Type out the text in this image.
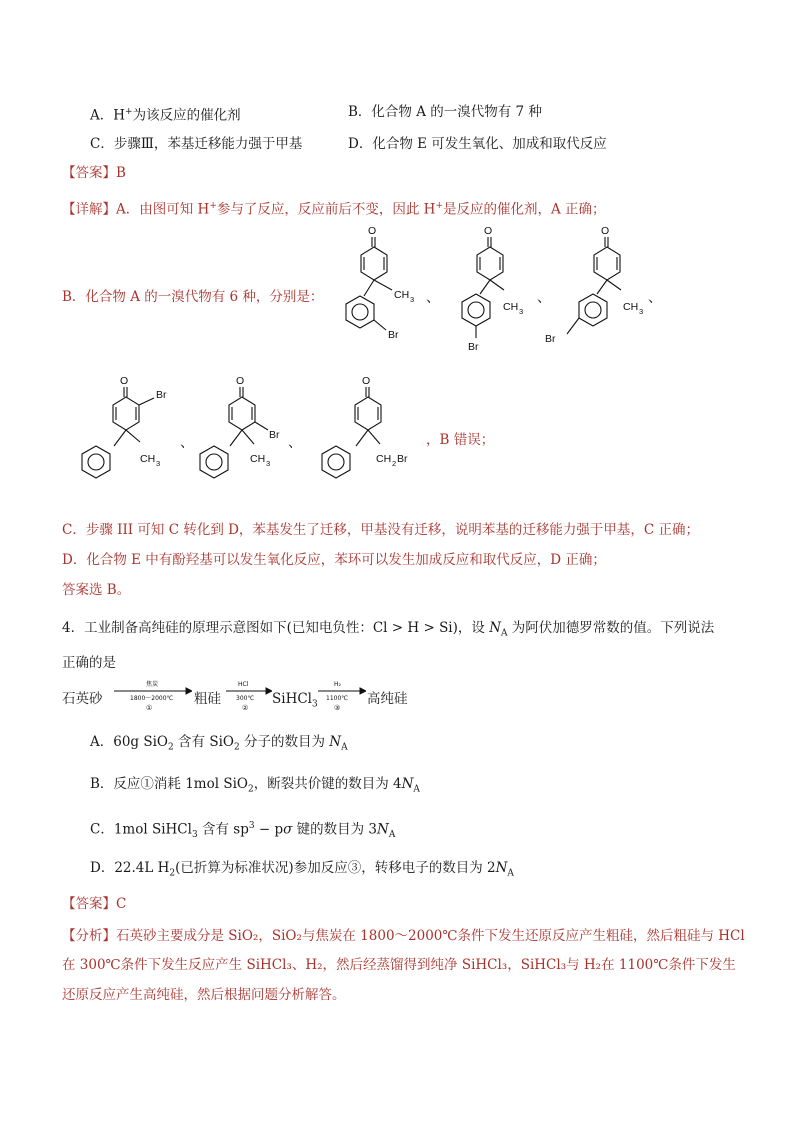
A．H+为该反应的催化剂	B．化合物 A 的一溴代物有 7 种
C．步骤Ⅲ，苯基迁移能力强于甲基	D．化合物 E 可发生氧化、加成和取代反应
【答案】B
【详解】A．由图可知 H+参与了反应，反应前后不变，因此 H+是反应的催化剂，A 正确；
B．化合物 A 的一溴代物有 6 种，分别是：
O
CH 3
Br
、
O
CH 3
Br
、
O
CH 3
Br
、
O
Br
CH 3
、
O
Br
CH 3
、
O
CH 2 Br
，B 错误；
C．步骤 III 可知 C 转化到 D，苯基发生了迁移，甲基没有迁移，说明苯基的迁移能力强于甲基，C 正确；
D．化合物 E 中有酚羟基可以发生氧化反应，苯环可以发生加成反应和取代反应，D 正确；
答案选 B。
4．工业制备高纯硅的原理示意图如下(已知电负性：Cl > H > Si)，设 $N_A$ 为阿伏加德罗常数的值。下列说法
正确的是
石英砂
焦炭
1800～2000℃
①
粗硅
HCl
300℃
②
SiHCl$_3$
H₂
1100℃
③
高纯硅
A．60g SiO$_2$ 含有 SiO$_2$ 分子的数目为 $N_A$
B．反应①消耗 1mol SiO$_2$，断裂共价键的数目为 $4N_A$
C．1mol SiHCl$_3$ 含有 $sp^3 - p\sigma$ 键的数目为 $3N_A$
D．22.4L $H_2$(已折算为标准状况)参加反应③，转移电子的数目为 $2N_A$
【答案】C
【分析】石英砂主要成分是 SiO₂，SiO₂与焦炭在 1800～2000℃条件下发生还原反应产生粗硅，然后粗硅与 HCl
在 300℃条件下发生反应产生 SiHCl₃、H₂，然后经蒸馏得到纯净 SiHCl₃，SiHCl₃与 H₂在 1100℃条件下发生
还原反应产生高纯硅，然后根据问题分析解答。
